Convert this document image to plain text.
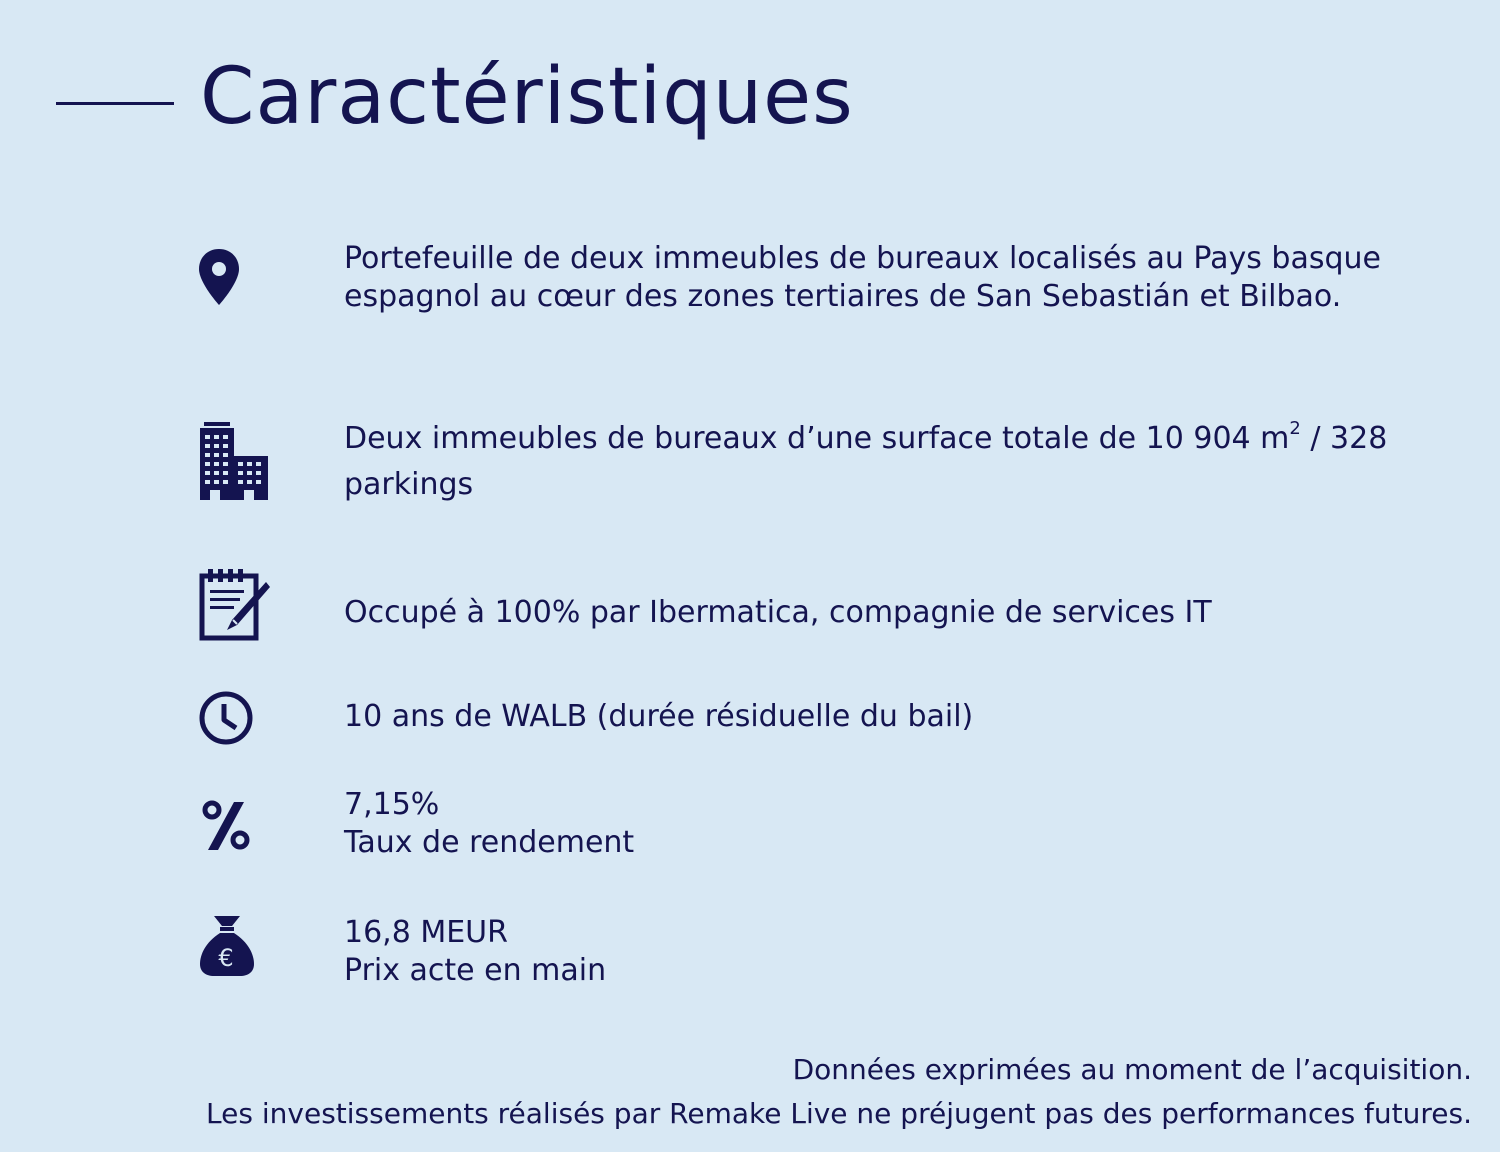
Caractéristiques
Portefeuille de deux immeubles de bureaux localisés au Pays basque
espagnol au cœur des zones tertiaires de San Sebastián et Bilbao.
Deux immeubles de bureaux d’une surface totale de 10 904 $m^2 / 328$
parkings
Occupé à 100% par Ibermatica, compagnie de services IT
10 ans de WALB (durée résiduelle du bail)
7,15%
Taux de rendement
€
16,8 MEUR
Prix acte en main
Données exprimées au moment de l’acquisition.
Les investissements réalisés par Remake Live ne préjugent pas des performances futures.
